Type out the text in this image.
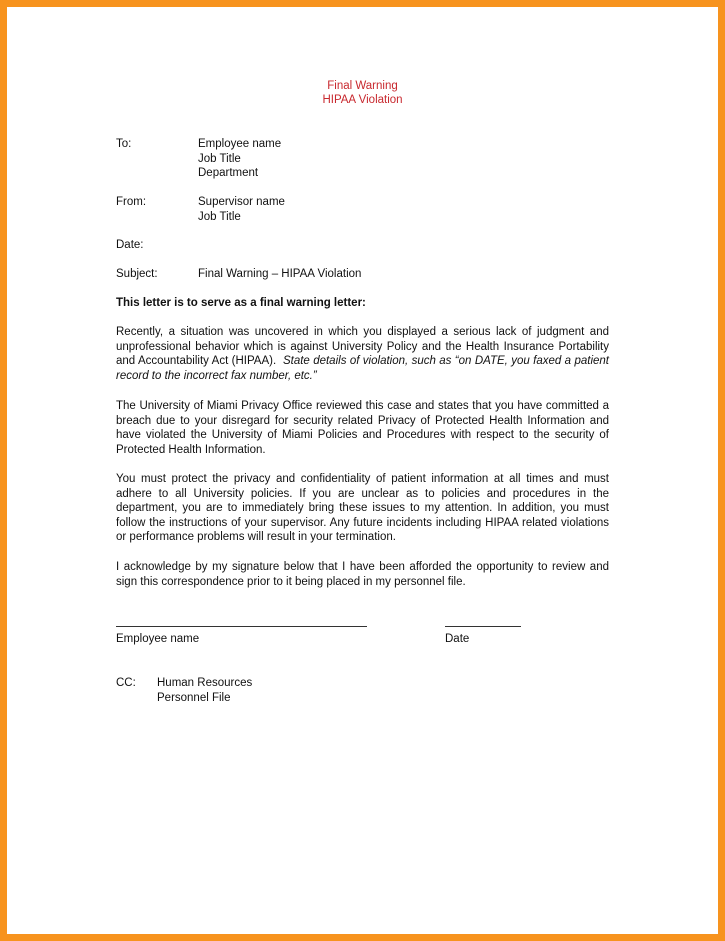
Final Warning
HIPAA Violation
To:	Employee name
Job Title
Department
From:	Supervisor name
Job Title
Date:
Subject:	Final Warning – HIPAA Violation
This letter is to serve as a final warning letter:
Recently, a situation was uncovered in which you displayed a serious lack of judgment and unprofessional behavior which is against University Policy and the Health Insurance Portability and Accountability Act (HIPAA). State details of violation, such as “on DATE, you faxed a patient record to the incorrect fax number, etc.”
The University of Miami Privacy Office reviewed this case and states that you have committed a breach due to your disregard for security related Privacy of Protected Health Information and have violated the University of Miami Policies and Procedures with respect to the security of Protected Health Information.
You must protect the privacy and confidentiality of patient information at all times and must adhere to all University policies. If you are unclear as to policies and procedures in the department, you are to immediately bring these issues to my attention. In addition, you must follow the instructions of your supervisor. Any future incidents including HIPAA related violations or performance problems will result in your termination.
I acknowledge by my signature below that I have been afforded the opportunity to review and sign this correspondence prior to it being placed in my personnel file.
Employee name	Date
CC: Human Resources
Personnel File
